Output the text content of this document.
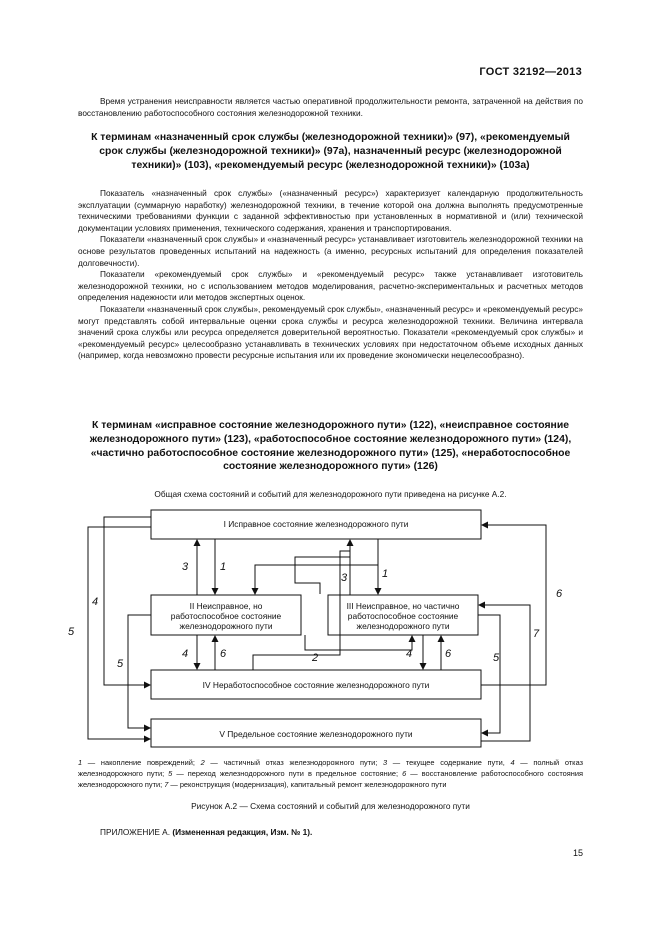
ГОСТ 32192—2013
Время устранения неисправности является частью оперативной продолжительности ремонта, затраченной на действия по восстановлению работоспособного состояния железнодорожной техники.
К терминам «назначенный срок службы (железнодорожной техники)» (97), «рекомендуемый срок службы (железнодорожной техники)» (97а), назначенный ресурс (железнодорожной техники)» (103), «рекомендуемый ресурс (железнодорожной техники)» (103а)

Показатель «назначенный срок службы» («назначенный ресурс») характеризует календарную продолжительность эксплуатации (суммарную наработку) железнодорожной техники, в течение которой она должна выполнять предусмотренные техническими требованиями функции с заданной эффективностью при установленных в нормативной и (или) технической документации условиях применения, технического содержания, хранения и транспортирования.

Показатели «назначенный срок службы» и «назначенный ресурс» устанавливает изготовитель железнодорожной техники на основе результатов проведенных испытаний на надежность (а именно, ресурсных испытаний для определения показателей долговечности).

Показатели «рекомендуемый срок службы» и «рекомендуемый ресурс» также устанавливает изготовитель железнодорожной техники, но с использованием методов моделирования, расчетно-экспериментальных и расчетных методов определения надежности или методов экспертных оценок.

Показатели «назначенный срок службы», рекомендуемый срок службы», «назначенный ресурс» и «рекомендуемый ресурс» могут представлять собой интервальные оценки срока службы и ресурса железнодорожной техники. Величина интервала значений срока службы или ресурса определяется доверительной вероятностью. Показатели «рекомендуемый срок службы» и «рекомендуемый ресурс» целесообразно устанавливать в технических условиях при недостаточном объеме исходных данных (например, когда невозможно провести ресурсные испытания или их проведение экономически нецелесообразно).

К терминам «исправное состояние железнодорожного пути» (122), «неисправное состояние железнодорожного пути» (123), «работоспособное состояние железнодорожного пути» (124), «частично работоспособное состояние железнодорожного пути» (125), «неработоспособное состояние железнодорожного пути» (126)
Общая схема состояний и событий для железнодорожного пути приведена на рисунке А.2.
I Исправное состояние железнодорожного пути
II Неисправное, но
работоспособное состояние
железнодорожного пути
III Неисправное, но частично
работоспособное состояние
железнодорожного пути
IV Неработоспособное состояние железнодорожного пути
V Предельное состояние железнодорожного пути
3	1
3	1
4
5
4	6	2	4	6
5	5
6
7
1 — накопление повреждений; 2 — частичный отказ железнодорожного пути; 3 — текущее содержание пути, 4 — полный отказ железнодорожного пути; 5 — переход железнодорожного пути в предельное состояние; 6 — восстановление работоспособного состояния железнодорожного пути; 7 — реконструкция (модернизация), капитальный ремонт железнодорожного пути
Рисунок А.2 — Схема состояний и событий для железнодорожного пути
ПРИЛОЖЕНИЕ А. (Измененная редакция, Изм. № 1).
15
